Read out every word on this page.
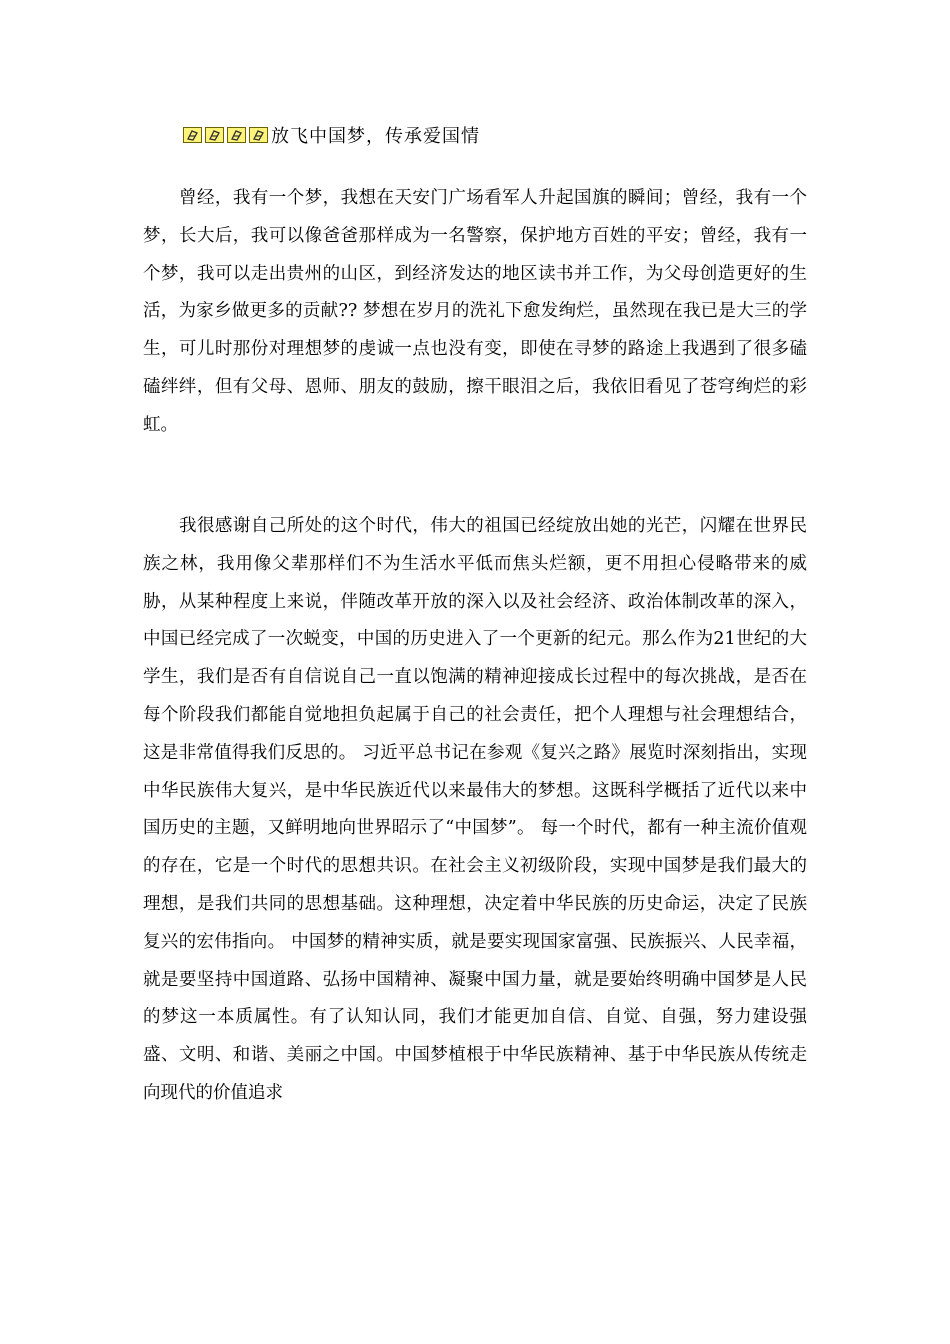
放飞中国梦，传承爱国情

曾经，我有一个梦，我想在天安门广场看军人升起国旗的瞬间；曾经，我有一个梦，长大后，我可以像爸爸那样成为一名警察，保护地方百姓的平安；曾经，我有一个梦，我可以走出贵州的山区，到经济发达的地区读书并工作，为父母创造更好的生活，为家乡做更多的贡献?? 梦想在岁月的洗礼下愈发绚烂，虽然现在我已是大三的学生，可儿时那份对理想梦的虔诚一点也没有变，即使在寻梦的路途上我遇到了很多磕磕绊绊，但有父母、恩师、朋友的鼓励，擦干眼泪之后，我依旧看见了苍穹绚烂的彩虹。

我很感谢自己所处的这个时代，伟大的祖国已经绽放出她的光芒，闪耀在世界民族之林，我用像父辈那样们不为生活水平低而焦头烂额，更不用担心侵略带来的威胁，从某种程度上来说，伴随改革开放的深入以及社会经济、政治体制改革的深入，中国已经完成了一次蜕变，中国的历史进入了一个更新的纪元。那么作为21世纪的大学生，我们是否有自信说自己一直以饱满的精神迎接成长过程中的每次挑战，是否在每个阶段我们都能自觉地担负起属于自己的社会责任，把个人理想与社会理想结合，这是非常值得我们反思的。 习近平总书记在参观《复兴之路》展览时深刻指出，实现中华民族伟大复兴，是中华民族近代以来最伟大的梦想。这既科学概括了近代以来中国历史的主题，又鲜明地向世界昭示了“中国梦”。 每一个时代，都有一种主流价值观的存在，它是一个时代的思想共识。在社会主义初级阶段，实现中国梦是我们最大的理想，是我们共同的思想基础。这种理想，决定着中华民族的历史命运，决定了民族复兴的宏伟指向。 中国梦的精神实质，就是要实现国家富强、民族振兴、人民幸福，就是要坚持中国道路、弘扬中国精神、凝聚中国力量，就是要始终明确中国梦是人民的梦这一本质属性。有了认知认同，我们才能更加自信、自觉、自强，努力建设强盛、文明、和谐、美丽之中国。中国梦植根于中华民族精神、基于中华民族从传统走向现代的价值追求
